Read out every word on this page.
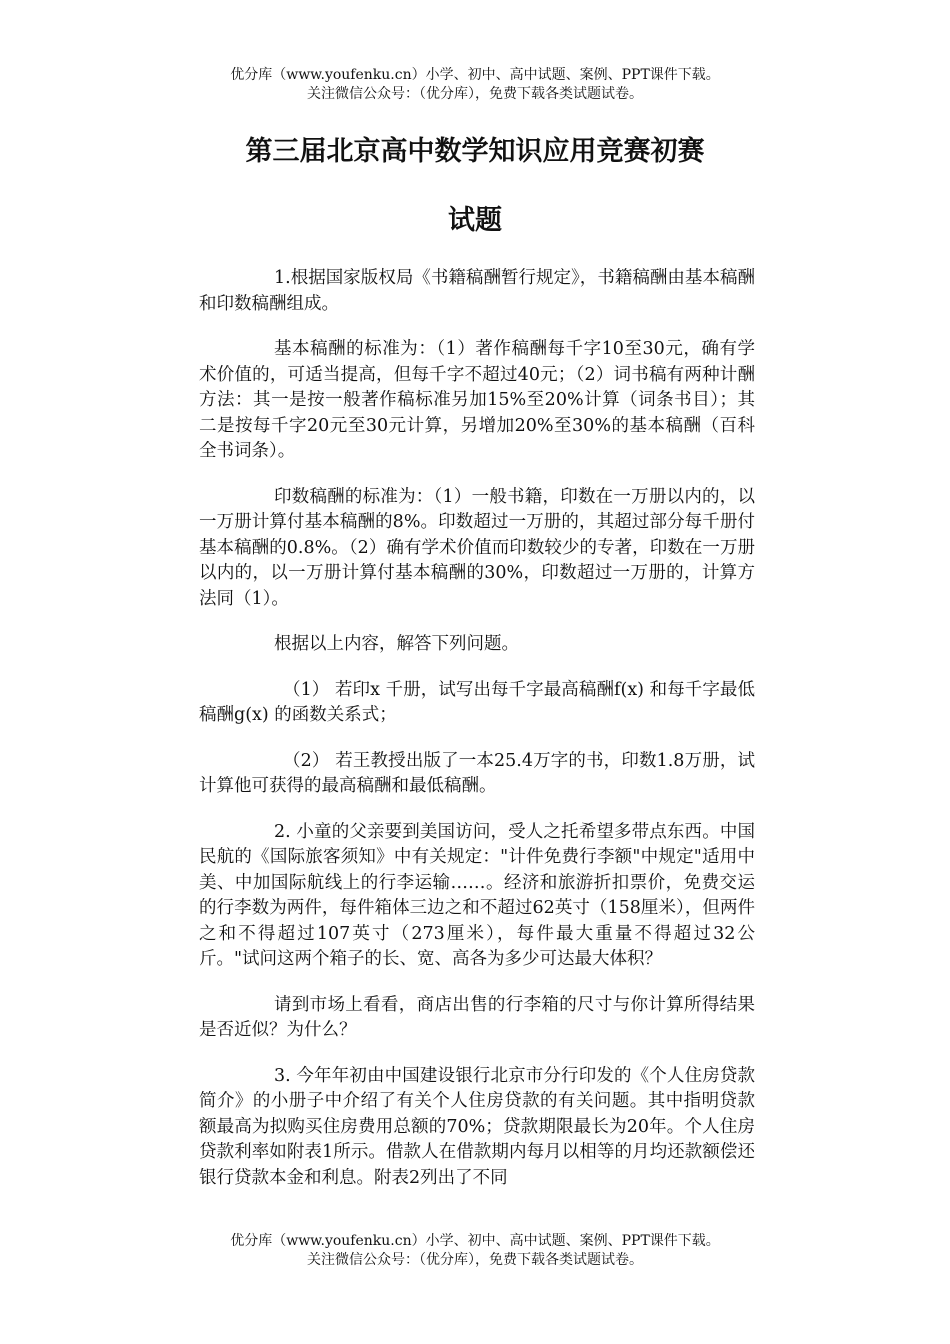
优分库（www.youfenku.cn）小学、初中、高中试题、案例、PPT课件下载。
关注微信公众号：（优分库），免费下载各类试题试卷。
第三届北京高中数学知识应用竞赛初赛
试题

1.根据国家版权局《书籍稿酬暂行规定》，书籍稿酬由基本稿酬和印数稿酬组成。

基本稿酬的标准为：（1）著作稿酬每千字10至30元，确有学术价值的，可适当提高，但每千字不超过40元；（2）词书稿有两种计酬方法：其一是按一般著作稿标准另加15%至20%计算（词条书目）；其二是按每千字20元至30元计算，另增加20%至30%的基本稿酬（百科全书词条）。

印数稿酬的标准为：（1）一般书籍，印数在一万册以内的，以一万册计算付基本稿酬的8%。印数超过一万册的，其超过部分每千册付基本稿酬的0.8%。（2）确有学术价值而印数较少的专著，印数在一万册以内的，以一万册计算付基本稿酬的30%，印数超过一万册的，计算方法同（1）。

根据以上内容，解答下列问题。

（1） 若印x 千册，试写出每千字最高稿酬f(x) 和每千字最低稿酬g(x) 的函数关系式；

（2） 若王教授出版了一本25.4万字的书，印数1.8万册，试计算他可获得的最高稿酬和最低稿酬。

2. 小童的父亲要到美国访问，受人之托希望多带点东西。中国民航的《国际旅客须知》中有关规定："计件免费行李额"中规定"适用中美、中加国际航线上的行李运输……。经济和旅游折扣票价，免费交运的行李数为两件，每件箱体三边之和不超过62英寸（158厘米），但两件之和不得超过107英寸（273厘米），每件最大重量不得超过32公斤。"试问这两个箱子的长、宽、高各为多少可达最大体积？

请到市场上看看，商店出售的行李箱的尺寸与你计算所得结果是否近似？为什么？

3. 今年年初由中国建设银行北京市分行印发的《个人住房贷款简介》的小册子中介绍了有关个人住房贷款的有关问题。其中指明贷款额最高为拟购买住房费用总额的70%；贷款期限最长为20年。个人住房贷款利率如附表1所示。借款人在借款期内每月以相等的月均还款额偿还银行贷款本金和利息。附表2列出了不同

优分库（www.youfenku.cn）小学、初中、高中试题、案例、PPT课件下载。
关注微信公众号：（优分库），免费下载各类试题试卷。
